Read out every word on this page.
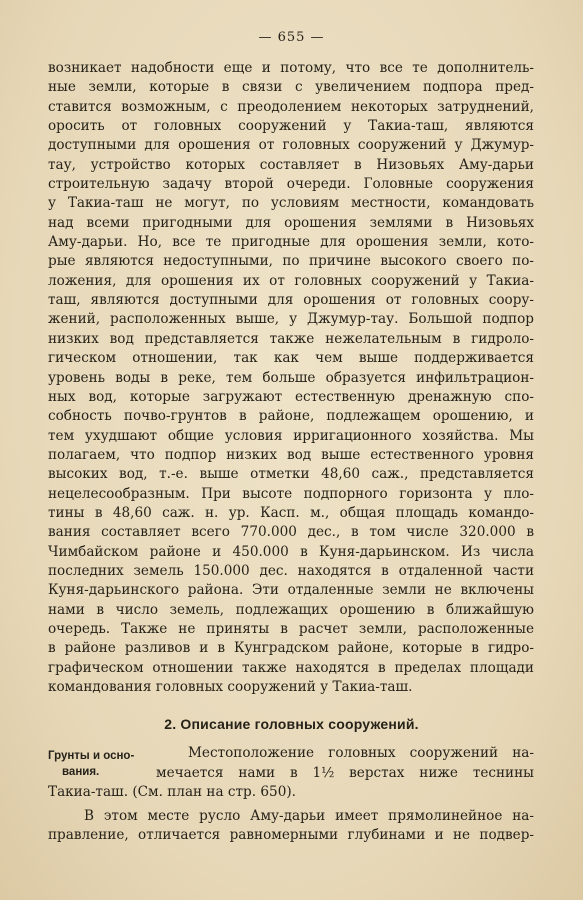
— 655 —
возникает надобности еще и потому, что все те дополнитель-
ные земли, которые в связи с увеличением подпора пред-
ставится возможным, с преодолением некоторых затруднений,
оросить от головных сооружений у Такиа-таш, являются
доступными для орошения от головных сооружений у Джумур-
тау, устройство которых составляет в Низовьях Аму-дарьи
строительную задачу второй очереди. Головные сооружения
у Такиа-таш не могут, по условиям местности, командовать
над всеми пригодными для орошения землями в Низовьях
Аму-дарьи. Но, все те пригодные для орошения земли, кото-
рые являются недоступными, по причине высокого своего по-
ложения, для орошения их от головных сооружений у Такиа-
таш, являются доступными для орошения от головных соору-
жений, расположенных выше, у Джумур-тау. Большой подпор
низких вод представляется также нежелательным в гидроло-
гическом отношении, так как чем выше поддерживается
уровень воды в реке, тем больше образуется инфильтрацион-
ных вод, которые загружают естественную дренажную спо-
собность почво-грунтов в районе, подлежащем орошению, и
тем ухудшают общие условия ирригационного хозяйства. Мы
полагаем, что подпор низких вод выше естественного уровня
высоких вод, т.-е. выше отметки 48,60 саж., представляется
нецелесообразным. При высоте подпорного горизонта у пло-
тины в 48,60 саж. н. ур. Касп. м., общая площадь командо-
вания составляет всего 770.000 дес., в том числе 320.000 в
Чимбайском районе и 450.000 в Куня-дарьинском. Из числа
последних земель 150.000 дес. находятся в отдаленной части
Куня-дарьинского района. Эти отдаленные земли не включены
нами в число земель, подлежащих орошению в ближайшую
очередь. Также не приняты в расчет земли, расположенные
в районе разливов и в Кунградском районе, которые в гидро-
графическом отношении также находятся в пределах площади
командования головных сооружений у Такиа-таш.
2. Описание головных сооружений.
Грунты и осно-
вания.
Местоположение головных сооружений на-
мечается нами в 1½ верстах ниже теснины
Такиа-таш. (См. план на стр. 650).
В этом месте русло Аму-дарьи имеет прямолинейное на-
правление, отличается равномерными глубинами и не подвер-
